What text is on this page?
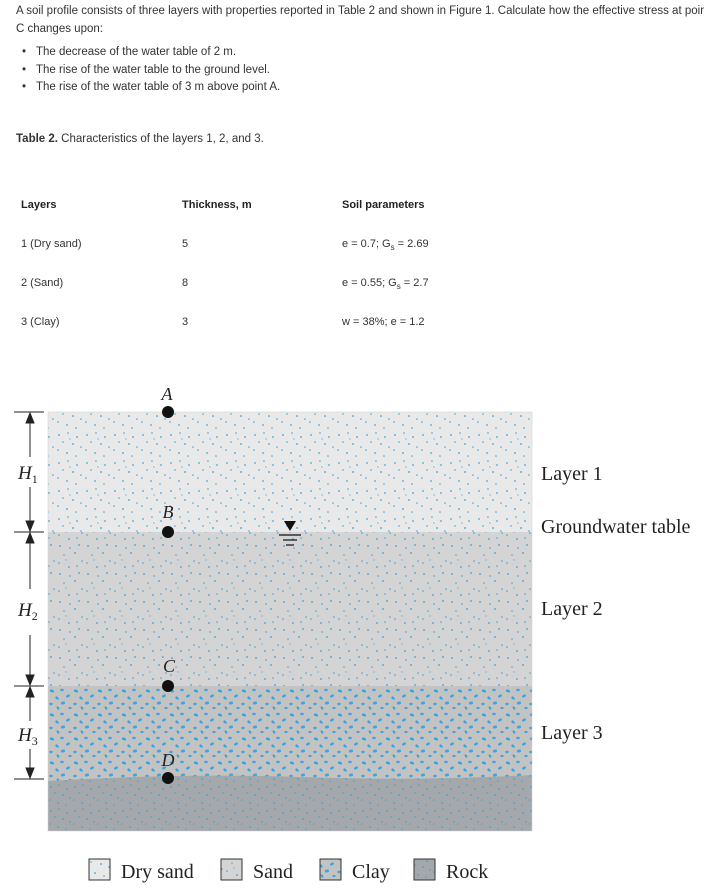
A soil profile consists of three layers with properties reported in Table 2 and shown in Figure 1. Calculate how the effective stress at poir
C changes upon:
• The decrease of the water table of 2 m.
• The rise of the water table to the ground level.
• The rise of the water table of 3 m above point A.
Table 2. Characteristics of the layers 1, 2, and 3.
Layers	Thickness, m	Soil parameters
1 (Dry sand)	5	e = 0.7; $G_s = 2.69$
2 (Sand)	8	e = 0.55; $G_s = 2.7$
3 (Clay)	3	w = 38%; e = 1.2
$H_1$
$H_2$
$H_3$
A
B
C
D
Layer 1
Groundwater table
Layer 2
Layer 3
Dry sand	Sand	Clay	Rock
